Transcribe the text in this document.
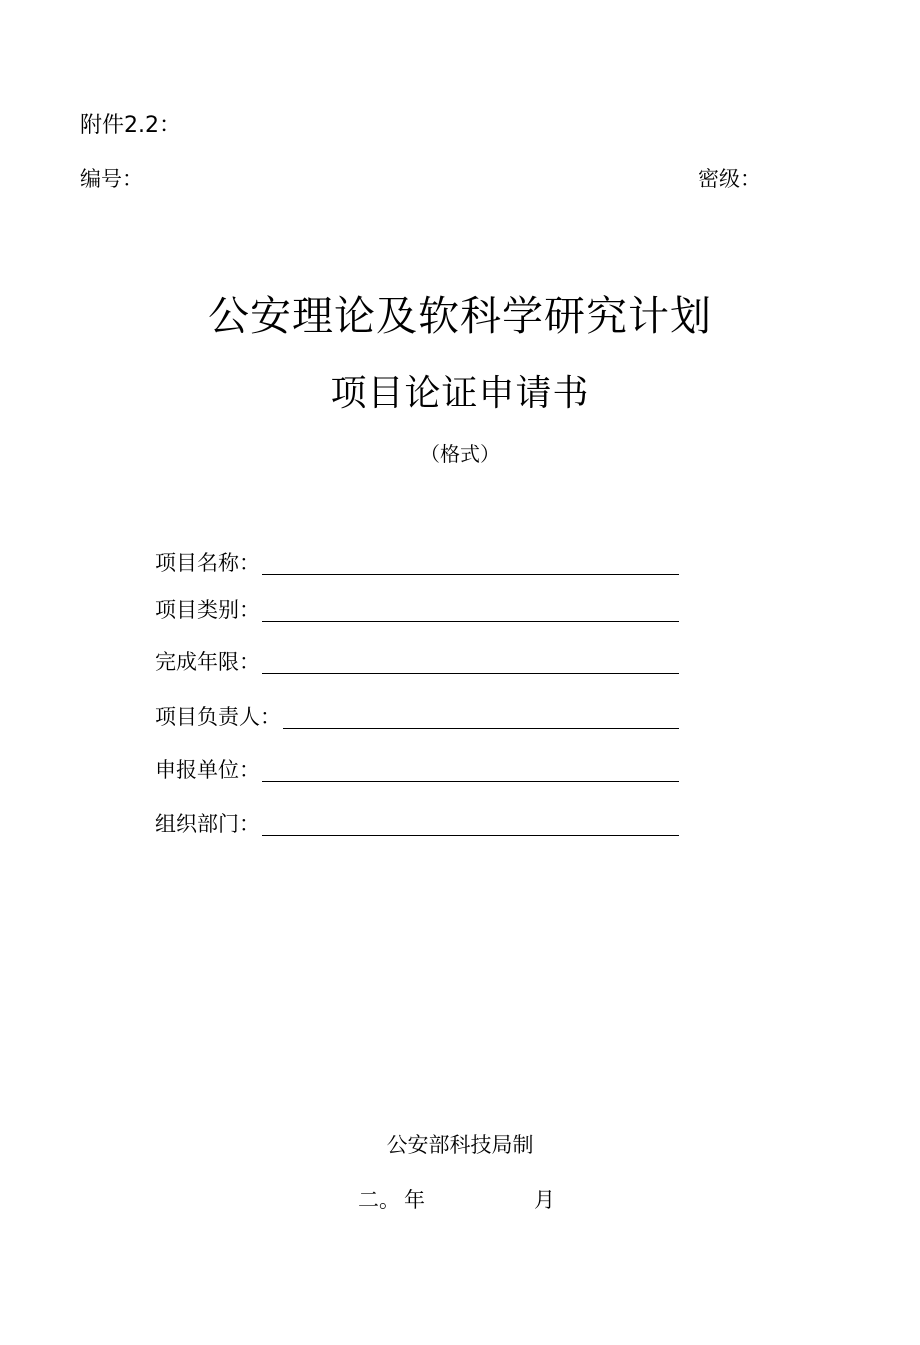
附件2.2：
编号：	密级：
公安理论及软科学研究计划
项目论证申请书
（格式）
项目名称：
项目类别：
完成年限：
项目负责人：
申报单位：
组织部门：
公安部科技局制
二。 年	月
